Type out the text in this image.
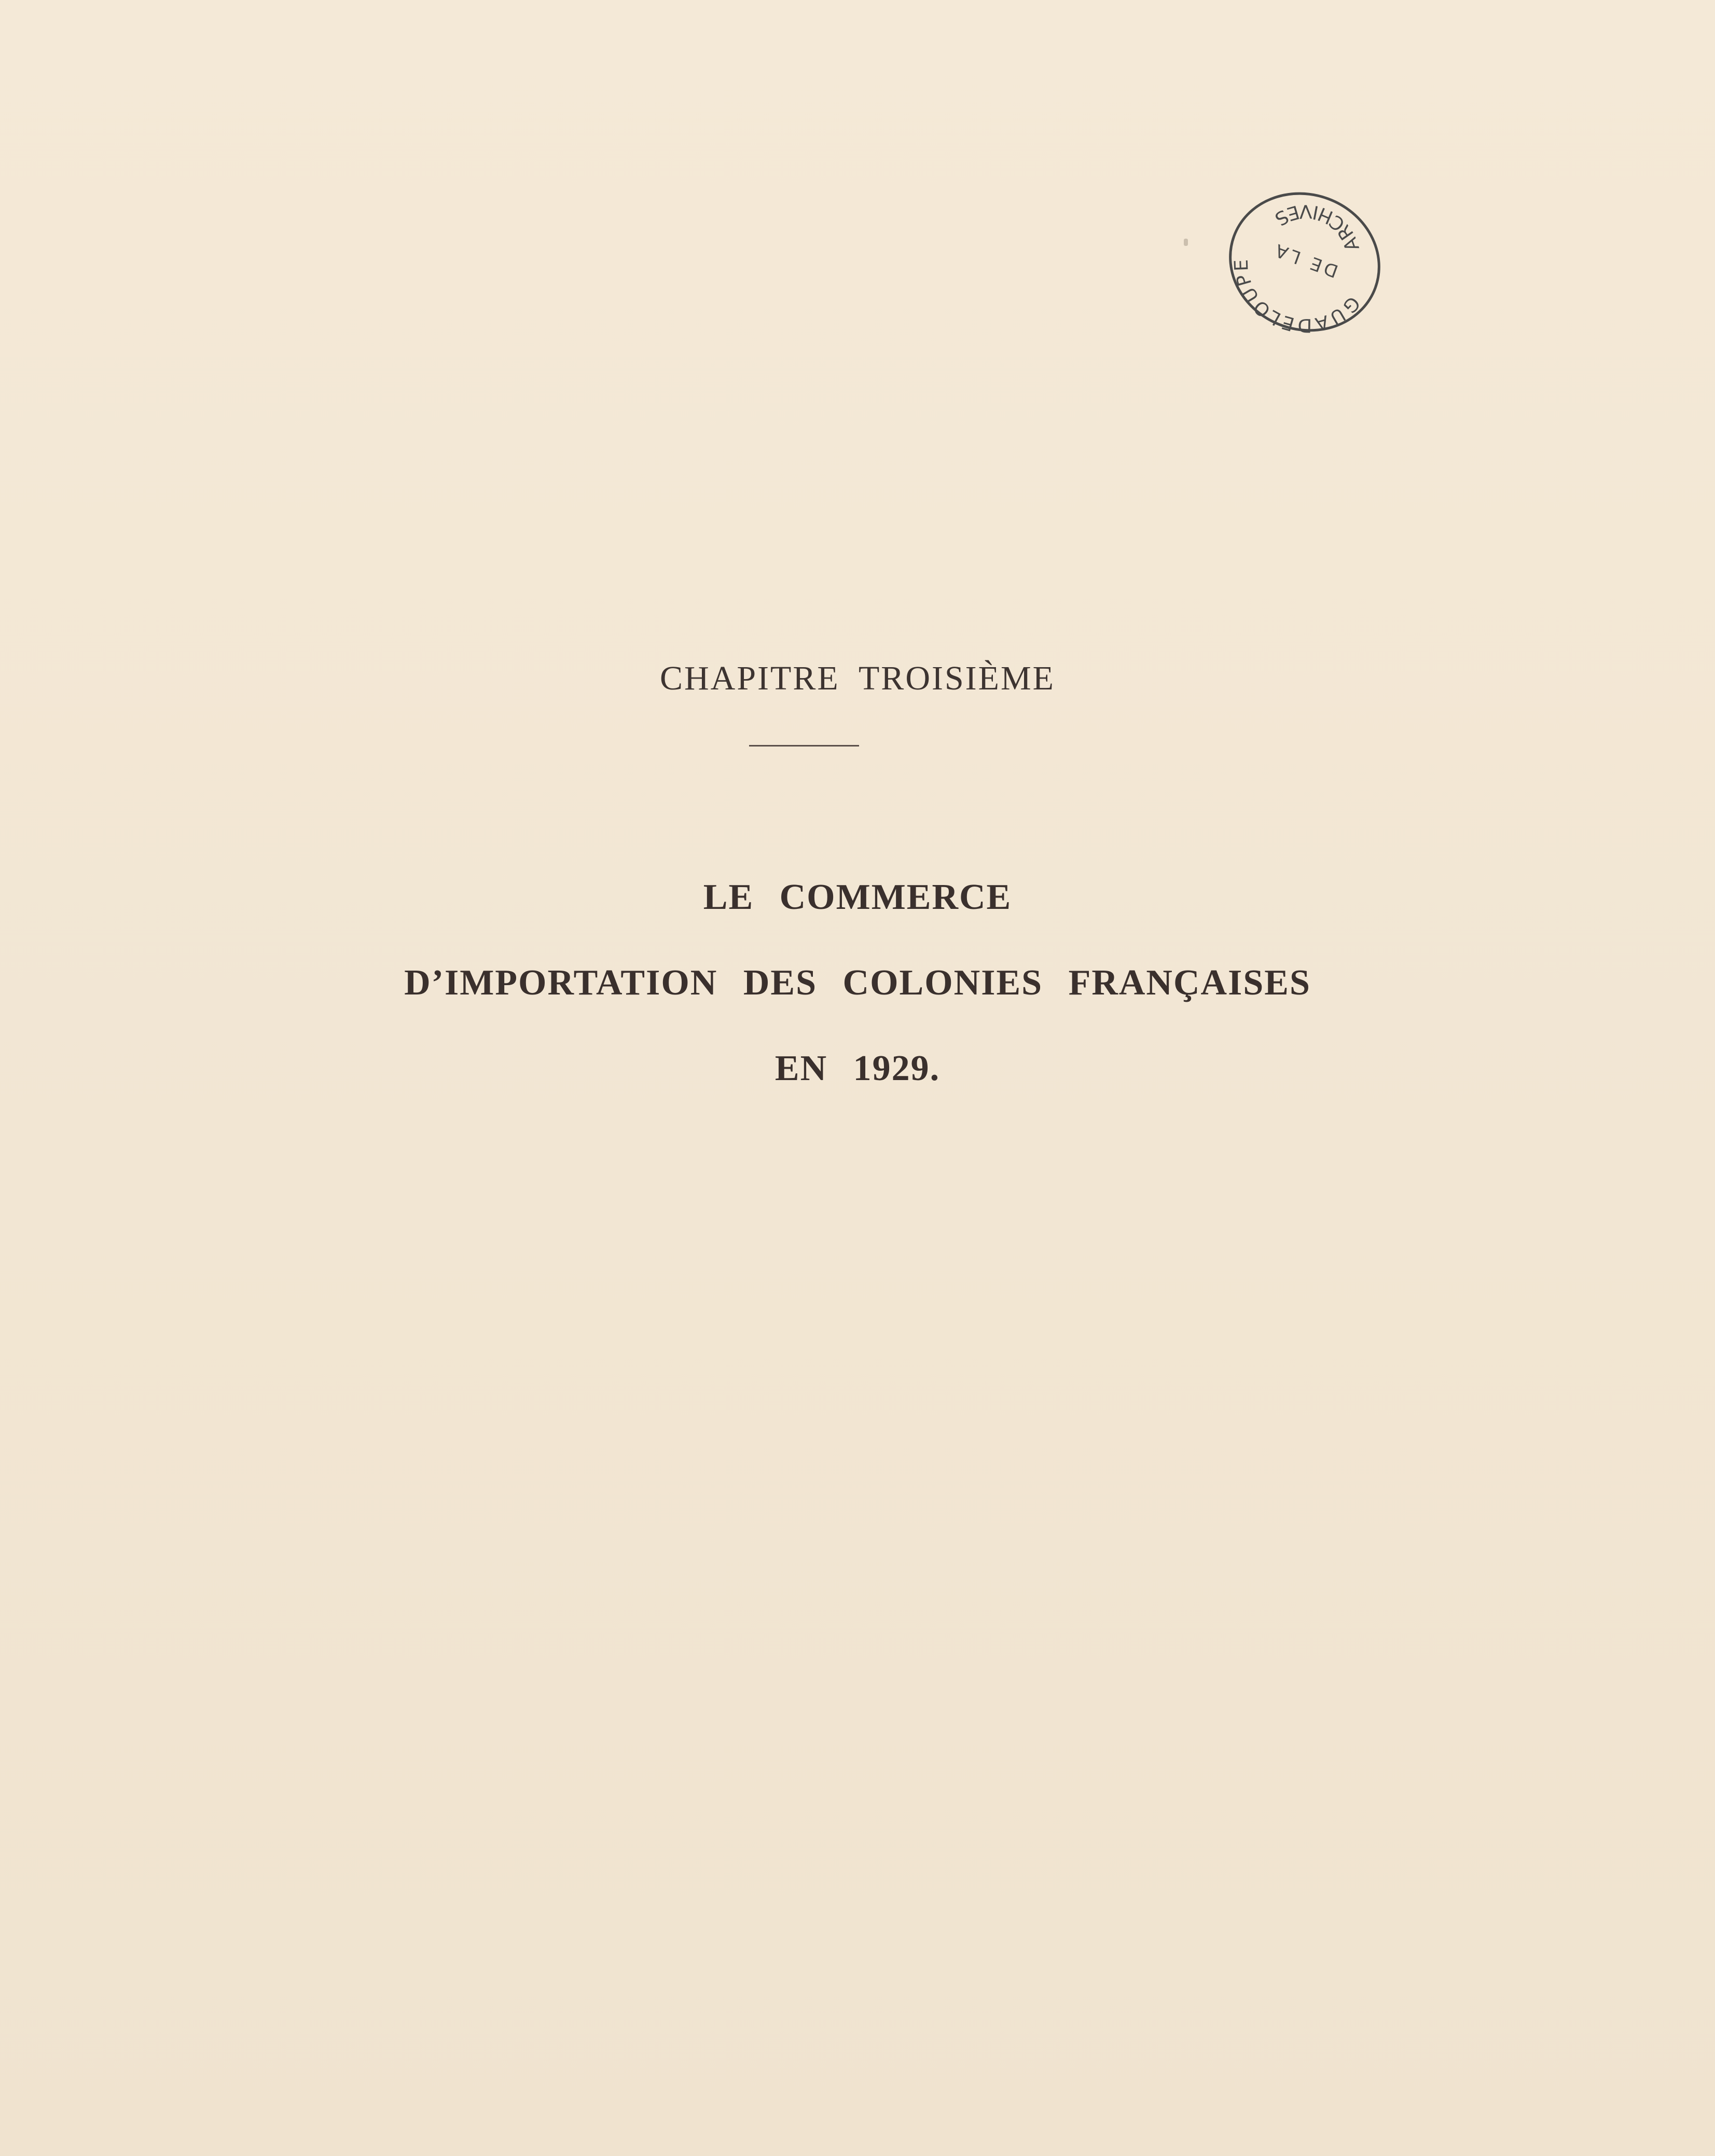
GUADELOUPE DE LA
ARCHIVES
CHAPITRE TROISIÈME
LE COMMERCE
D’IMPORTATION DES COLONIES FRANÇAISES
EN 1929.
